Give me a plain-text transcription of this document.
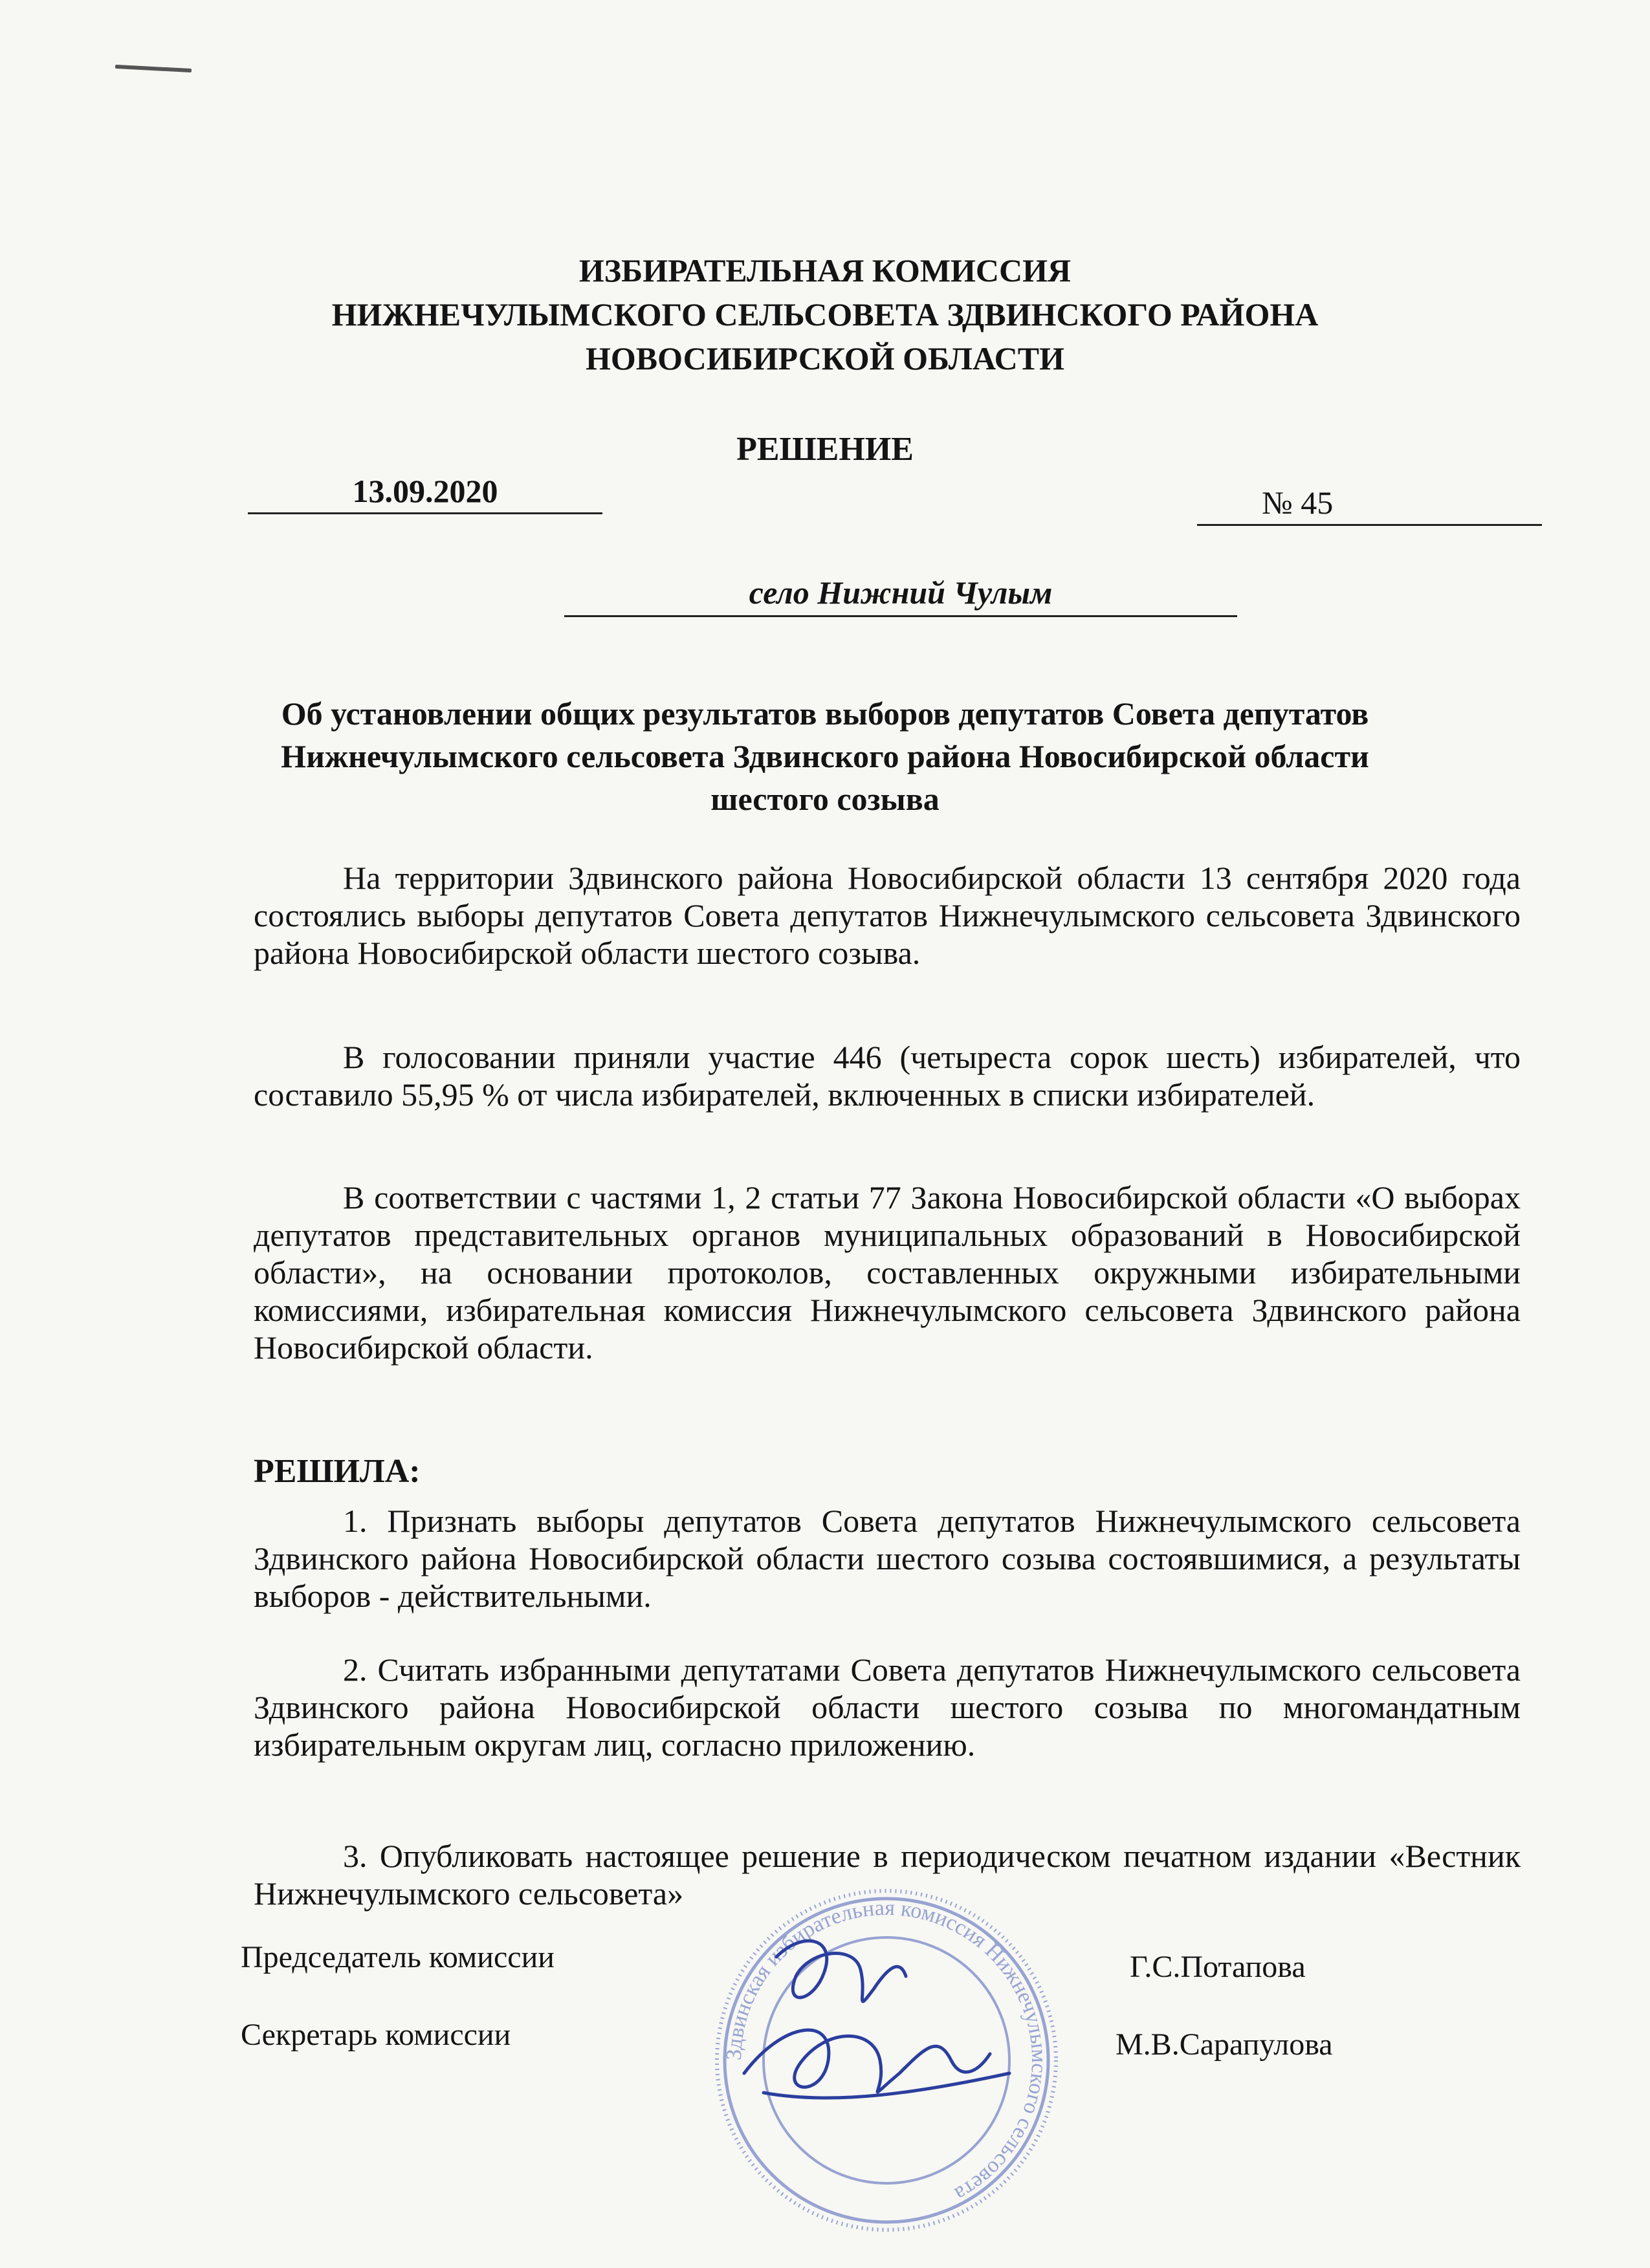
ИЗБИРАТЕЛЬНАЯ КОМИССИЯ
НИЖНЕЧУЛЫМСКОГО СЕЛЬСОВЕТА ЗДВИНСКОГО РАЙОНА
НОВОСИБИРСКОЙ ОБЛАСТИ
РЕШЕНИЕ
13.09.2020	№ 45
село Нижний Чулым
Об установлении общих результатов выборов депутатов Совета депутатов Нижнечулымского сельсовета Здвинского района Новосибирской области шестого созыва
На территории Здвинского района Новосибирской области 13 сентября 2020 года состоялись выборы депутатов Совета депутатов Нижнечулымского сельсовета Здвинского района Новосибирской области шестого созыва.
В голосовании приняли участие 446 (четыреста сорок шесть) избирателей, что составило 55,95 % от числа избирателей, включенных в списки избирателей.
В соответствии с частями 1, 2 статьи 77 Закона Новосибирской области «О выборах депутатов представительных органов муниципальных образований в Новосибирской области», на основании протоколов, составленных окружными избирательными комиссиями, избирательная комиссия Нижнечулымского сельсовета Здвинского района Новосибирской области.
РЕШИЛА:
1. Признать выборы депутатов Совета депутатов Нижнечулымского сельсовета Здвинского района Новосибирской области шестого созыва состоявшимися, а результаты выборов - действительными.
2. Считать избранными депутатами Совета депутатов Нижнечулымского сельсовета Здвинского района Новосибирской области шестого созыва по многомандатным избирательным округам лиц, согласно приложению.
3. Опубликовать настоящее решение в периодическом печатном издании «Вестник Нижнечулымского сельсовета»
Председатель комиссии	Г.С.Потапова
Секретарь комиссии	М.В.Сарапулова
Здвинская избирательная комиссия Нижнечулымского сельсовета
